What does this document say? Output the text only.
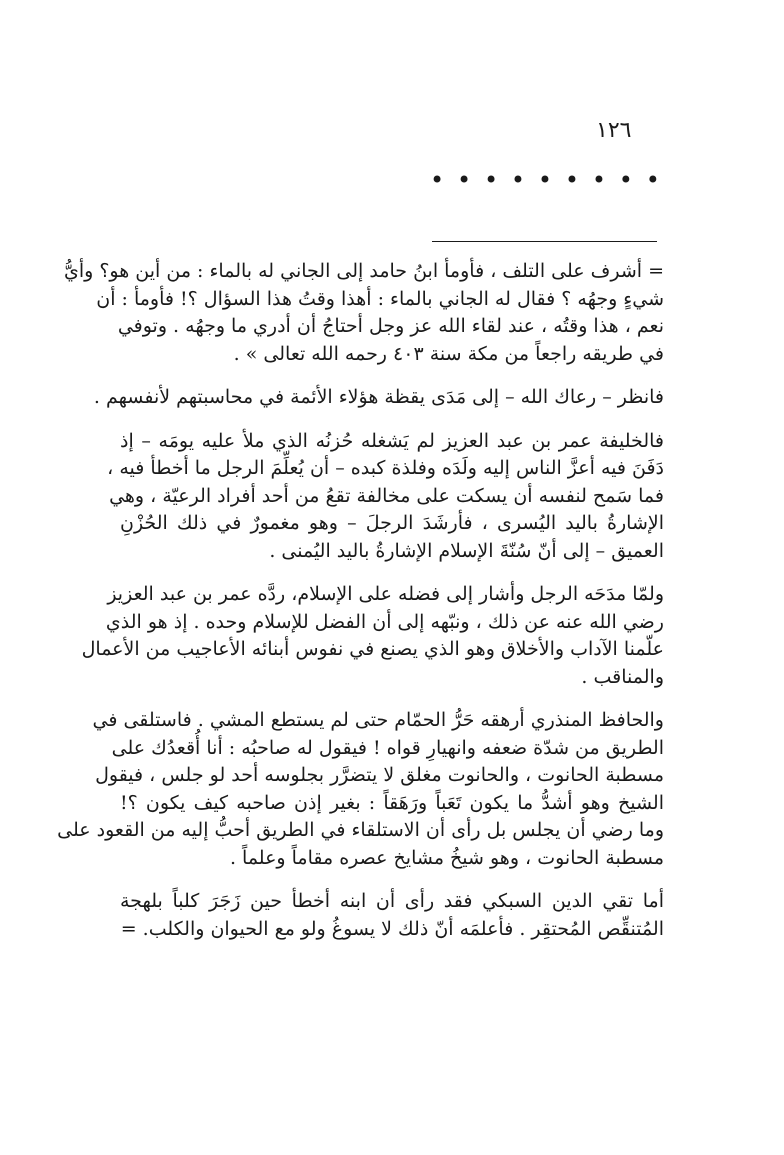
١٢٦
• • • • • • • • •

= أشرف على التلف ، فأومأ ابنُ حامد إلى الجاني له بالماء : من أين هو؟ وأيُّ
شيءٍ وجهُه ؟ فقال له الجاني بالماء : أهذا وقتُ هذا السؤال ؟! فأومأ : أن
نعم ، هذا وقتُه ، عند لقاء الله عز وجل أحتاجُ أن أدري ما وجهُه . وتوفي
في طريقه راجعاً من مكة سنة ٤٠٣ رحمه الله تعالى » .

فانظر – رعاك الله – إلى مَدَى يقظة هؤلاء الأئمة في محاسبتهم لأنفسهم .

فالخليفة عمر بن عبد العزيز لم يَشغله حُزنُه الذي ملأ عليه يومَه – إذ
دَفَنَ فيه أعزَّ الناس إليه ولَدَه وفلذة كبده – أن يُعلِّمَ الرجل ما أخطأ فيه ،
فما سَمح لنفسه أن يسكت على مخالفة تقعُ من أحد أفراد الرعيّة ، وهي
الإشارةُ باليد اليُسرى ، فأرشَدَ الرجلَ – وهو مغمورٌ في ذلك الحُزْنِ
العميق – إلى أنّ سُنّةَ الإسلام الإشارةُ باليد اليُمنى .

ولمّا مدَحَه الرجل وأشار إلى فضله على الإسلام، ردَّه عمر بن عبد العزيز
رضي الله عنه عن ذلك ، ونبّهه إلى أن الفضل للإسلام وحده . إذ هو الذي
علّمنا الآداب والأخلاق وهو الذي يصنع في نفوس أبنائه الأعاجيب من الأعمال
والمناقب .

والحافظ المنذري أرهقه حَرُّ الحمّام حتى لم يستطع المشي . فاستلقى في
الطريق من شدّة ضعفه وانهيارِ قواه ! فيقول له صاحبُه : أنا أُقعدُك على
مسطبة الحانوت ، والحانوت مغلق لا يتضرَّر بجلوسه أحد لو جلس ، فيقول
الشيخ وهو أشدُّ ما يكون تَعَباً ورَهَقاً : بغير إذن صاحبه كيف يكون ؟!
وما رضي أن يجلس بل رأى أن الاستلقاء في الطريق أحبُّ إليه من القعود على
مسطبة الحانوت ، وهو شيخُ مشايخ عصره مقاماً وعلماً .

أما تقي الدين السبكي فقد رأى أن ابنه أخطأ حين زَجَرَ كلباً بلهجة
المُتنقِّص المُحتقِر . فأعلمَه أنّ ذلك لا يسوغُ ولو مع الحيوان والكلب. =
